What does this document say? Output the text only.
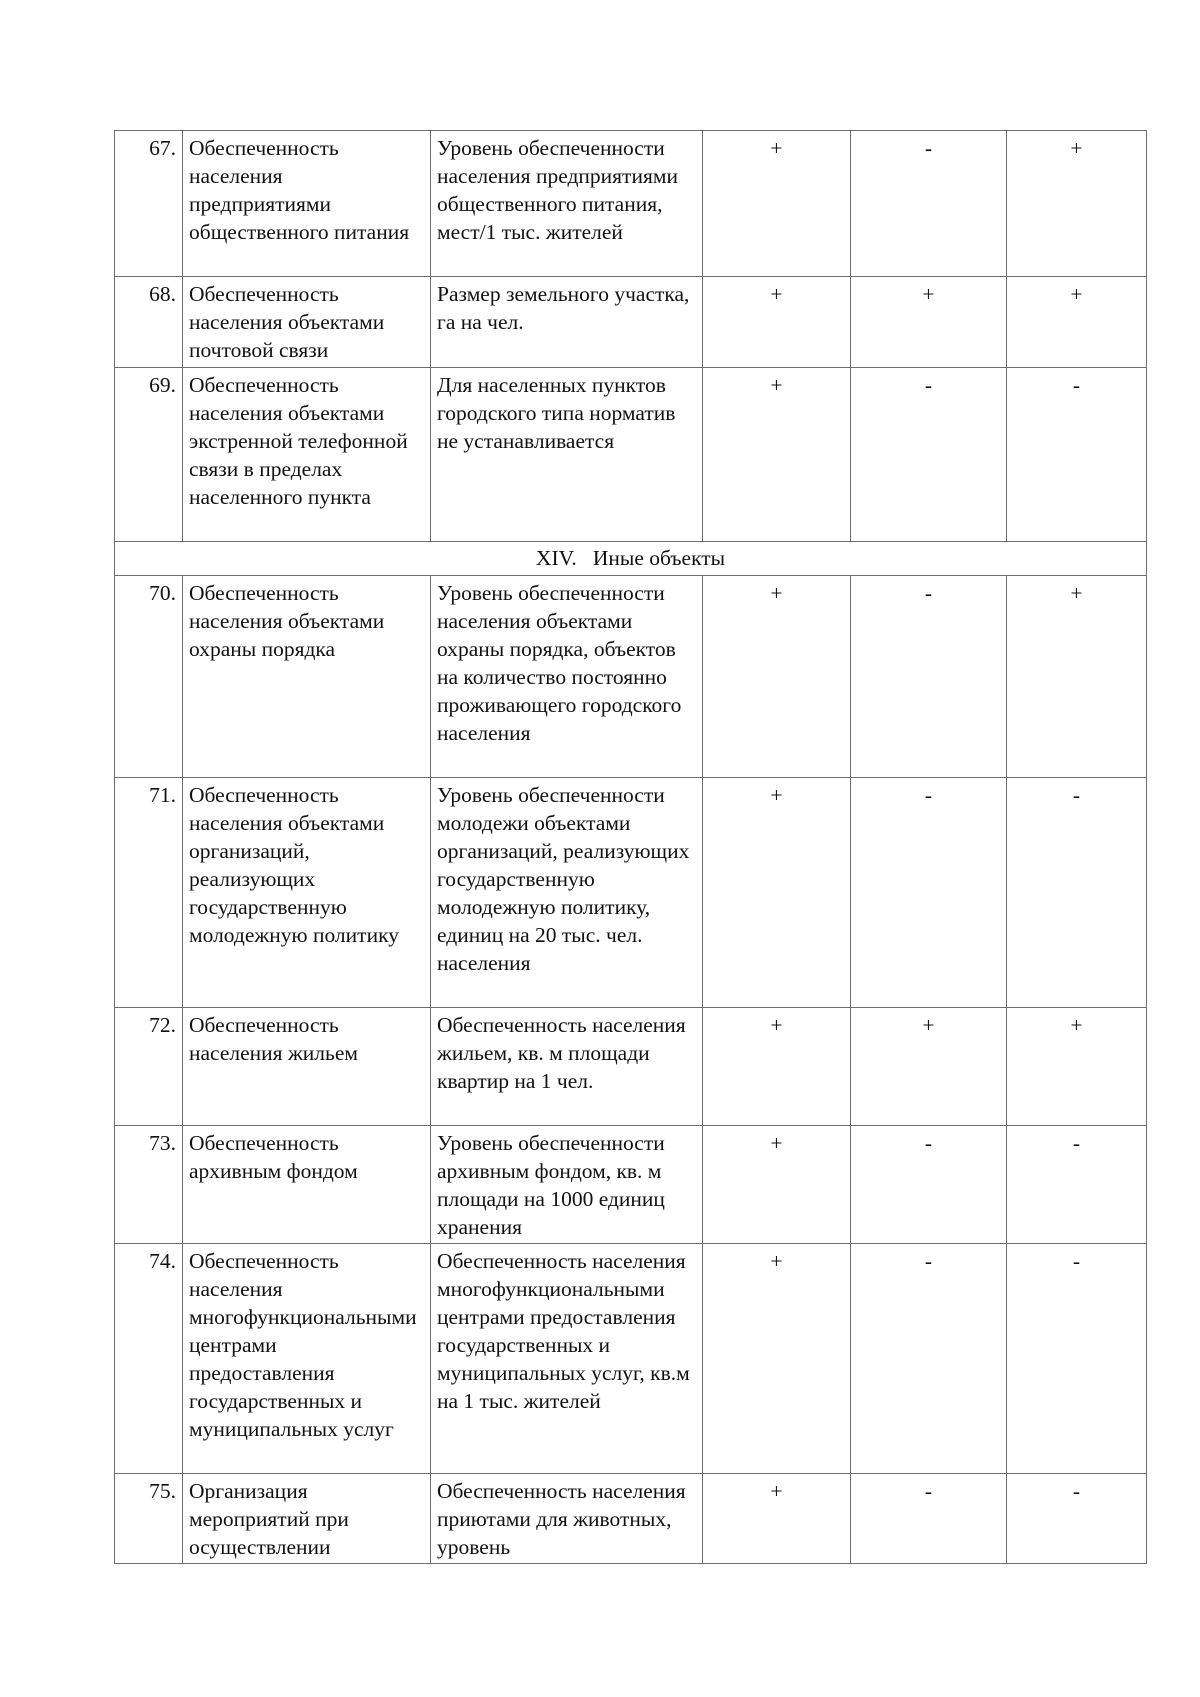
67.	Обеспеченность населения предприятиями общественного питания	Уровень обеспеченности населения предприятиями общественного питания, мест/1 тыс. жителей	+	-	+
68.	Обеспеченность населения объектами почтовой связи	Размер земельного участка, га на чел.	+	+	+
69.	Обеспеченность населения объектами экстренной телефонной связи в пределах населенного пункта	Для населенных пунктов городского типа норматив не устанавливается	+	-	-
XIV.   Иные объекты					
70.	Обеспеченность населения объектами охраны порядка	Уровень обеспеченности населения объектами охраны порядка, объектов на количество постоянно проживающего городского населения	+	-	+
71.	Обеспеченность населения объектами организаций, реализующих государственную молодежную политику	Уровень обеспеченности молодежи объектами организаций, реализующих государственную молодежную политику, единиц на 20 тыс. чел. населения	+	-	-
72.	Обеспеченность населения жильем	Обеспеченность населения жильем, кв. м площади квартир на 1 чел.	+	+	+
73.	Обеспеченность архивным фондом	Уровень обеспеченности архивным фондом, кв. м площади на 1000 единиц хранения	+	-	-
74.	Обеспеченность населения многофункциональными центрами предоставления государственных и муниципальных услуг	Обеспеченность населения многофункциональными центрами предоставления государственных и муниципальных услуг, кв.м на 1 тыс. жителей	+	-	-
75.	Организация мероприятий при осуществлении	Обеспеченность населения приютами для животных, уровень	+	-	-
